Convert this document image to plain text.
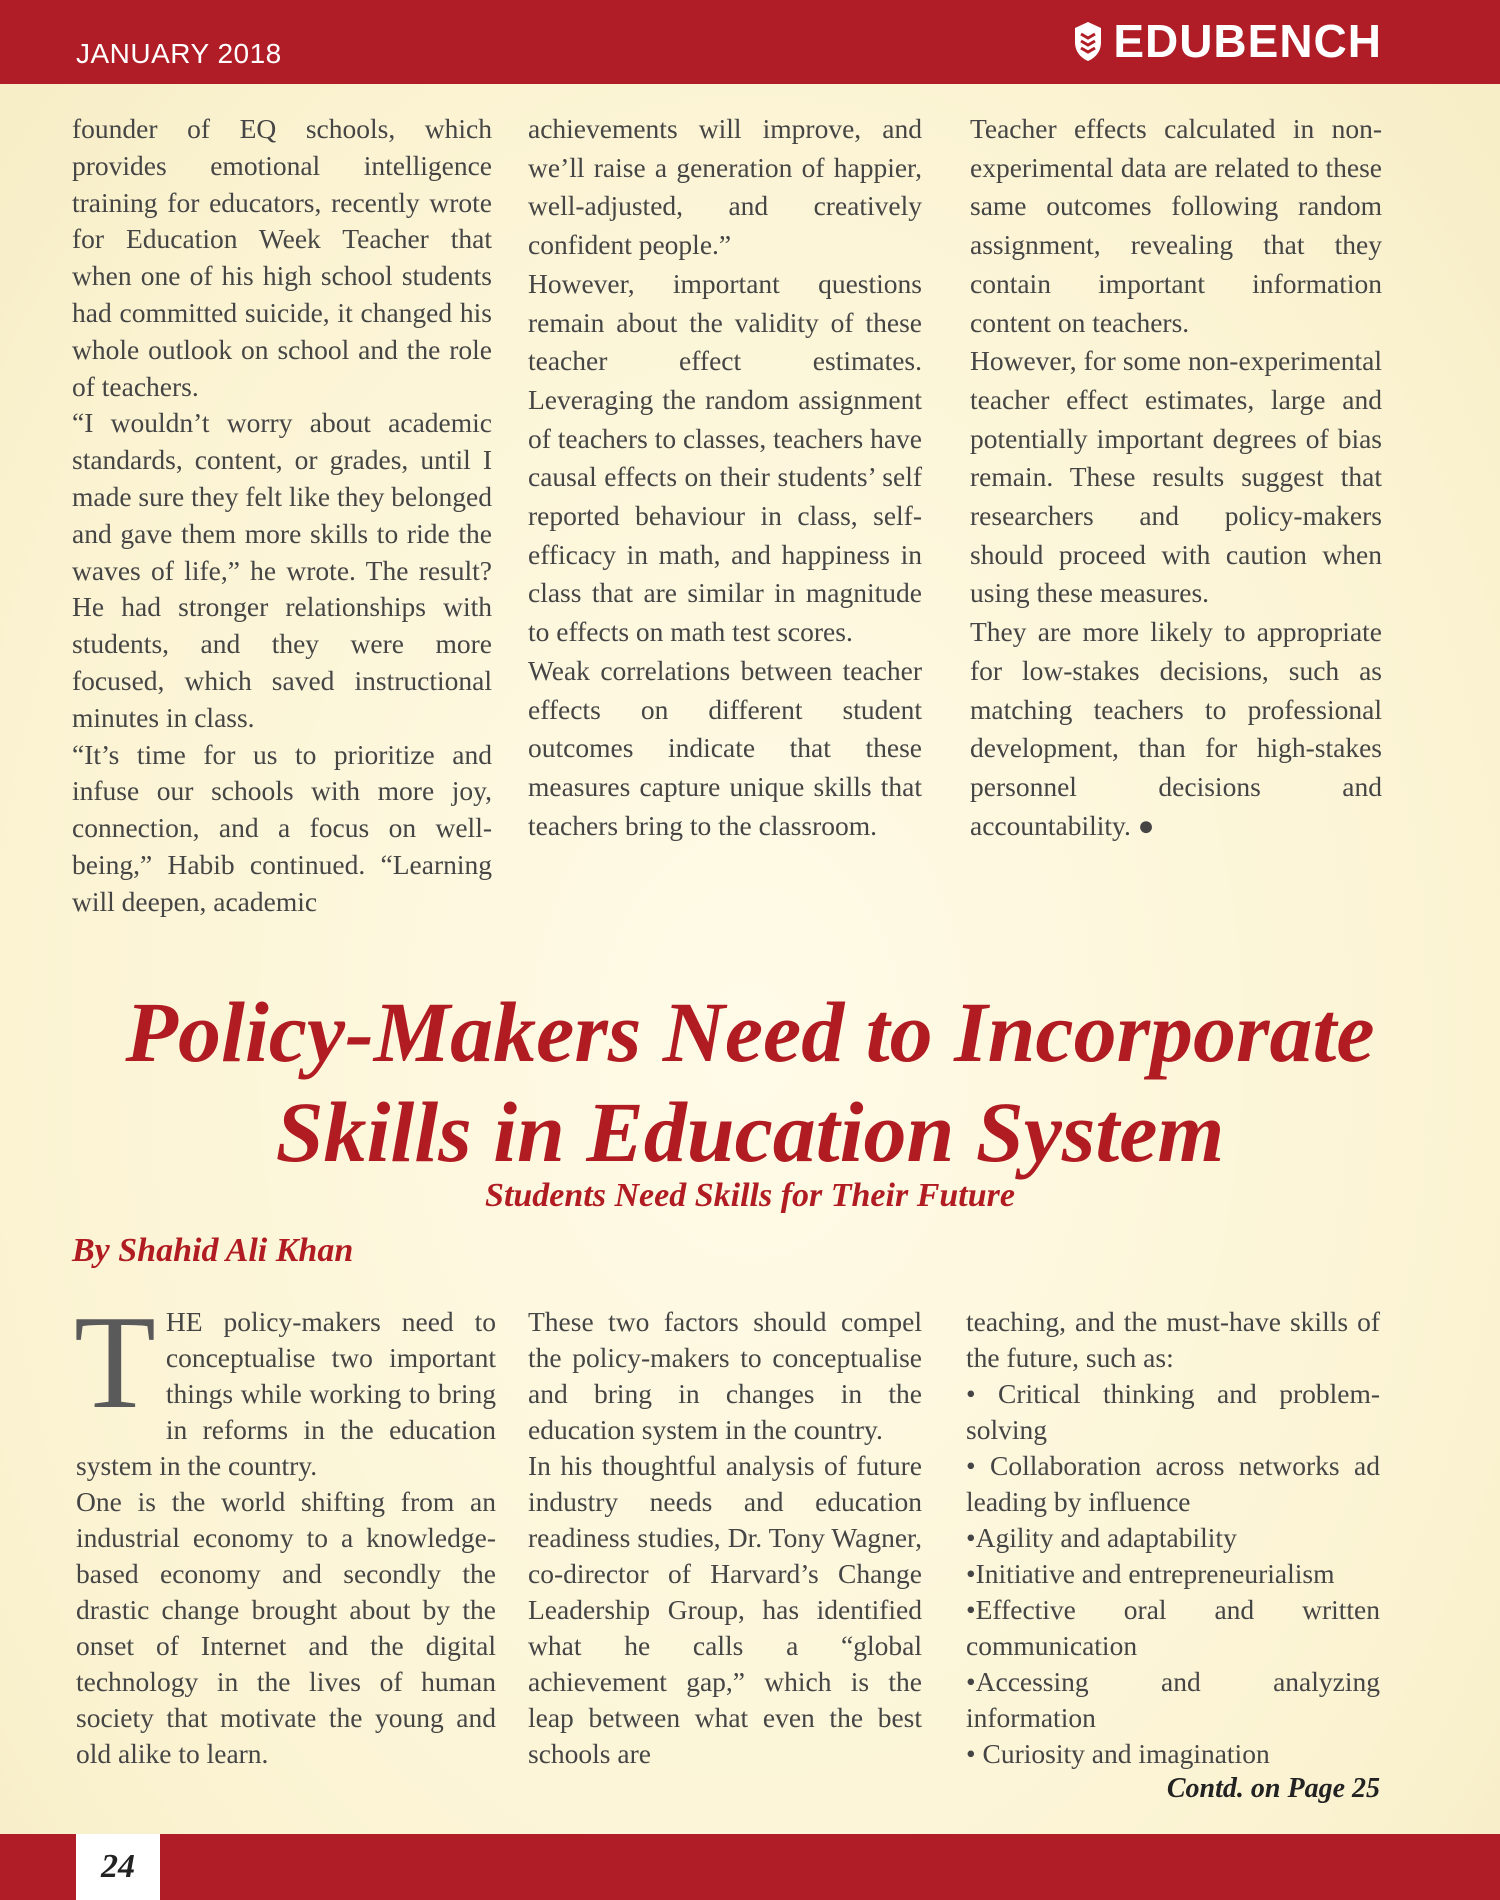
JANUARY 2018	EDUBENCH

founder of EQ schools, which provides emotional intelligence training for educators, recently wrote for Education Week Teacher that when one of his high school students had committed suicide, it changed his whole outlook on school and the role of teachers.

“I wouldn’t worry about academic standards, content, or grades, until I made sure they felt like they belonged and gave them more skills to ride the waves of life,” he wrote. The result? He had stronger relationships with students, and they were more focused, which saved instructional minutes in class.

“It’s time for us to prioritize and infuse our schools with more joy, connection, and a focus on well-being,” Habib continued. “Learning will deepen, academic

achievements will improve, and we’ll raise a generation of happier, well-adjusted, and creatively confident people.”

However, important questions remain about the validity of these teacher effect estimates. Leveraging the random assignment of teachers to classes, teachers have causal effects on their students’ self reported behaviour in class, self-efficacy in math, and happiness in class that are similar in magnitude to effects on math test scores.

Weak correlations between teacher effects on different student outcomes indicate that these measures capture unique skills that teachers bring to the classroom.

Teacher effects calculated in non-experimental data are related to these same outcomes following random assignment, revealing that they contain important information content on teachers.

However, for some non-experimental teacher effect estimates, large and potentially important degrees of bias remain. These results suggest that researchers and policy-makers should proceed with caution when using these measures.

They are more likely to appropriate for low-stakes decisions, such as matching teachers to professional development, than for high-stakes personnel decisions and accountability. ●

Policy-Makers Need to Incorporate
Skills in Education System
Students Need Skills for Their Future
By Shahid Ali Khan

THE policy-makers need to conceptualise two important things while working to bring in reforms in the education system in the country.

One is the world shifting from an industrial economy to a knowledge-based economy and secondly the drastic change brought about by the onset of Internet and the digital technology in the lives of human society that motivate the young and old alike to learn.

These two factors should compel the policy-makers to conceptualise and bring in changes in the education system in the country.

In his thoughtful analysis of future industry needs and education readiness studies, Dr. Tony Wagner, co-director of Harvard’s Change Leadership Group, has identified what he calls a “global achievement gap,” which is the leap between what even the best schools are

teaching, and the must-have skills of the future, such as:

• Critical thinking and problem-solving

• Collaboration across networks ad leading by influence

•Agility and adaptability

•Initiative and entrepreneurialism

•Effective oral and written communication

•Accessing and analyzing information

• Curiosity and imagination

Contd. on Page 25
24
